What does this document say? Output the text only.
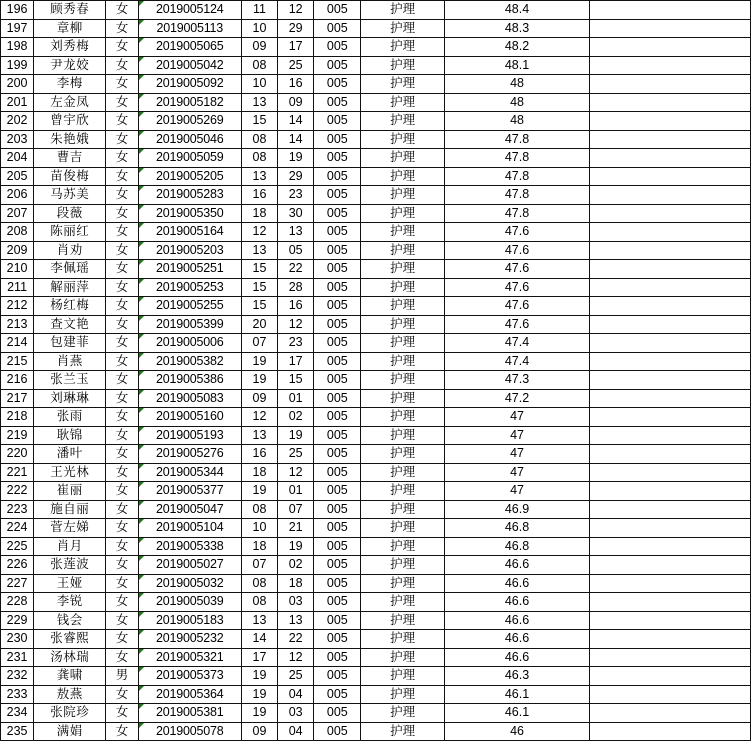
196	顾秀春	女	2019005124	11	12	005	护理	48.4	
197	章柳	女	2019005113	10	29	005	护理	48.3	
198	刘秀梅	女	2019005065	09	17	005	护理	48.2	
199	尹龙姣	女	2019005042	08	25	005	护理	48.1	
200	李梅	女	2019005092	10	16	005	护理	48	
201	左金凤	女	2019005182	13	09	005	护理	48	
202	曾宇欣	女	2019005269	15	14	005	护理	48	
203	朱艳娥	女	2019005046	08	14	005	护理	47.8	
204	曹吉	女	2019005059	08	19	005	护理	47.8	
205	苗俊梅	女	2019005205	13	29	005	护理	47.8	
206	马苏美	女	2019005283	16	23	005	护理	47.8	
207	段薇	女	2019005350	18	30	005	护理	47.8	
208	陈丽红	女	2019005164	12	13	005	护理	47.6	
209	肖劝	女	2019005203	13	05	005	护理	47.6	
210	李佩瑶	女	2019005251	15	22	005	护理	47.6	
211	解丽萍	女	2019005253	15	28	005	护理	47.6	
212	杨红梅	女	2019005255	15	16	005	护理	47.6	
213	查文艳	女	2019005399	20	12	005	护理	47.6	
214	包建菲	女	2019005006	07	23	005	护理	47.4	
215	肖燕	女	2019005382	19	17	005	护理	47.4	
216	张兰玉	女	2019005386	19	15	005	护理	47.3	
217	刘琳琳	女	2019005083	09	01	005	护理	47.2	
218	张雨	女	2019005160	12	02	005	护理	47	
219	耿锦	女	2019005193	13	19	005	护理	47	
220	潘叶	女	2019005276	16	25	005	护理	47	
221	王光林	女	2019005344	18	12	005	护理	47	
222	崔丽	女	2019005377	19	01	005	护理	47	
223	施自丽	女	2019005047	08	07	005	护理	46.9	
224	菅左娣	女	2019005104	10	21	005	护理	46.8	
225	肖月	女	2019005338	18	19	005	护理	46.8	
226	张莲波	女	2019005027	07	02	005	护理	46.6	
227	王娅	女	2019005032	08	18	005	护理	46.6	
228	李锐	女	2019005039	08	03	005	护理	46.6	
229	钱会	女	2019005183	13	13	005	护理	46.6	
230	张睿熙	女	2019005232	14	22	005	护理	46.6	
231	汤林瑞	女	2019005321	17	12	005	护理	46.6	
232	龚啸	男	2019005373	19	25	005	护理	46.3	
233	敖燕	女	2019005364	19	04	005	护理	46.1	
234	张院珍	女	2019005381	19	03	005	护理	46.1	
235	满娟	女	2019005078	09	04	005	护理	46	
